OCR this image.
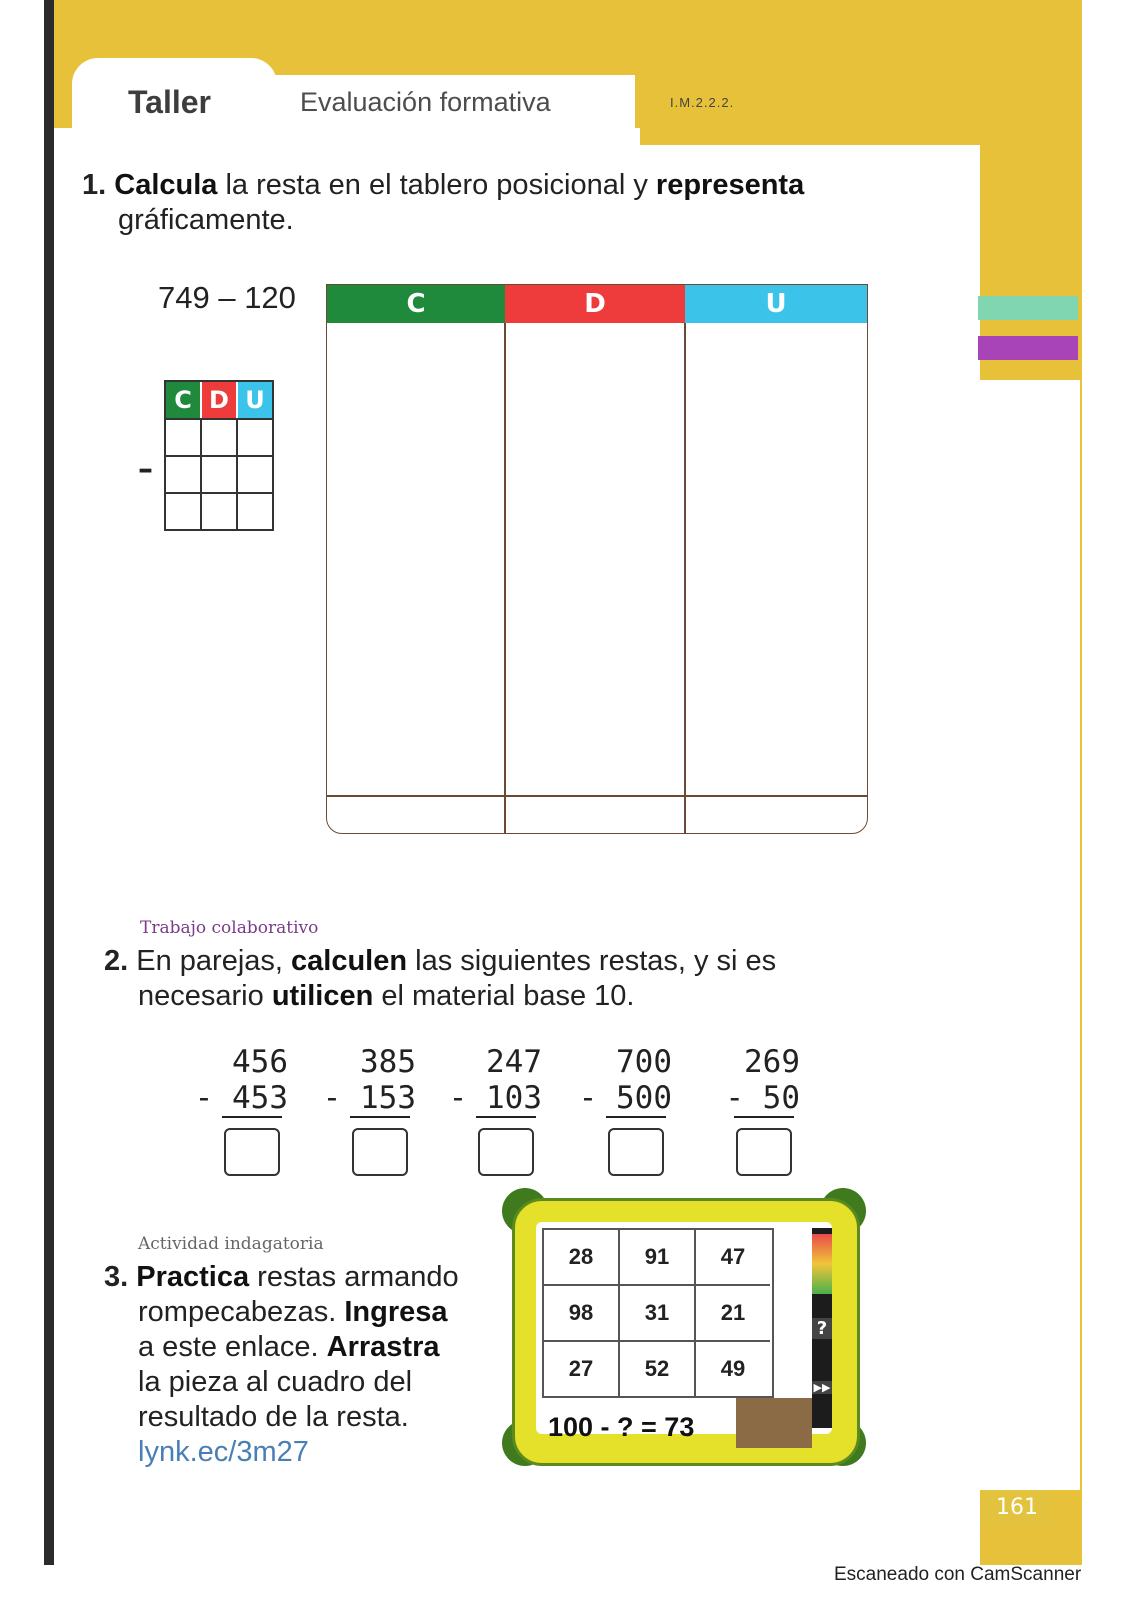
Taller	Evaluación formativa	I.M.2.2.2.
1. Calcula la resta en el tablero posicional y representa
gráficamente.
749 – 120
C D U
–
C	D	U
Trabajo colaborativo
2. En parejas, calculen las siguientes restas, y si es
necesario utilicen el material base 10.
456
- 453
385
- 153
247
- 103
700
- 500
269
- 50
Actividad indagatoria
3. Practica restas armando
rompecabezas. Ingresa
a este enlace. Arrastra
la pieza al cuadro del
resultado de la resta.
lynk.ec/3m27
28	91	47
98	31	21
27	52	49
?
▶▶
100 - ? = 73
161
Escaneado con CamScanner
